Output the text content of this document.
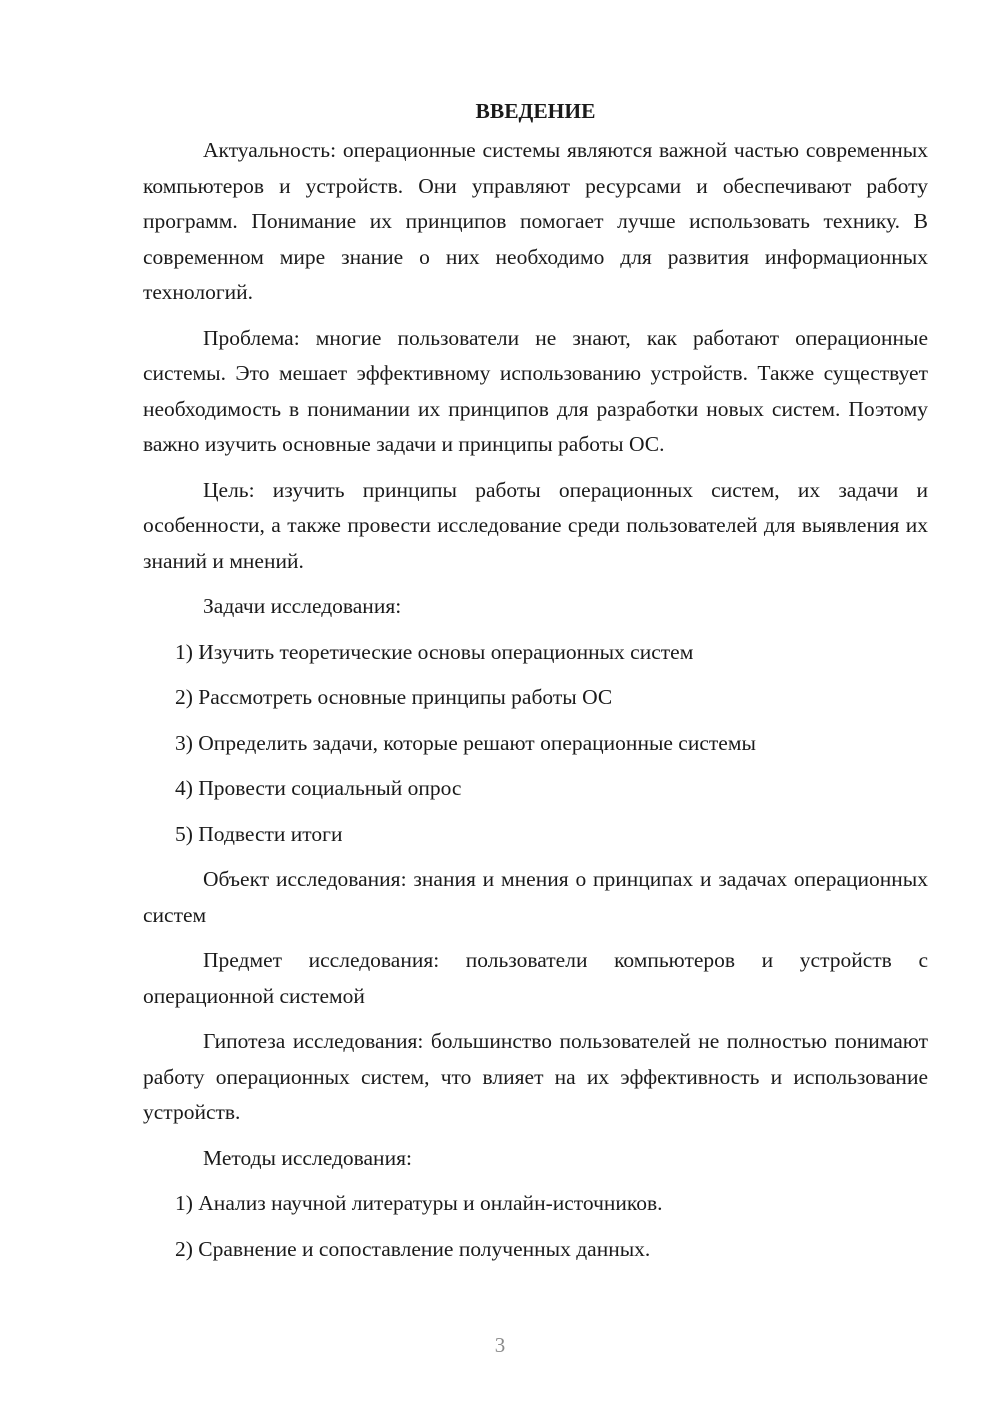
ВВЕДЕНИЕ

Актуальность: операционные системы являются важной частью современных компьютеров и устройств. Они управляют ресурсами и обеспечивают работу программ. Понимание их принципов помогает лучше использовать технику. В современном мире знание о них необходимо для развития информационных технологий.

Проблема: многие пользователи не знают, как работают операционные системы. Это мешает эффективному использованию устройств. Также существует необходимость в понимании их принципов для разработки новых систем. Поэтому важно изучить основные задачи и принципы работы ОС.

Цель: изучить принципы работы операционных систем, их задачи и особенности, а также провести исследование среди пользователей для выявления их знаний и мнений.

Задачи исследования:

1) Изучить теоретические основы операционных систем

2) Рассмотреть основные принципы работы ОС

3) Определить задачи, которые решают операционные системы

4) Провести социальный опрос

5) Подвести итоги

Объект исследования: знания и мнения о принципах и задачах операционных систем

Предмет исследования: пользователи компьютеров и устройств с операционной системой

Гипотеза исследования: большинство пользователей не полностью понимают работу операционных систем, что влияет на их эффективность и использование устройств.

Методы исследования:

1) Анализ научной литературы и онлайн-источников.

2) Сравнение и сопоставление полученных данных.

3
